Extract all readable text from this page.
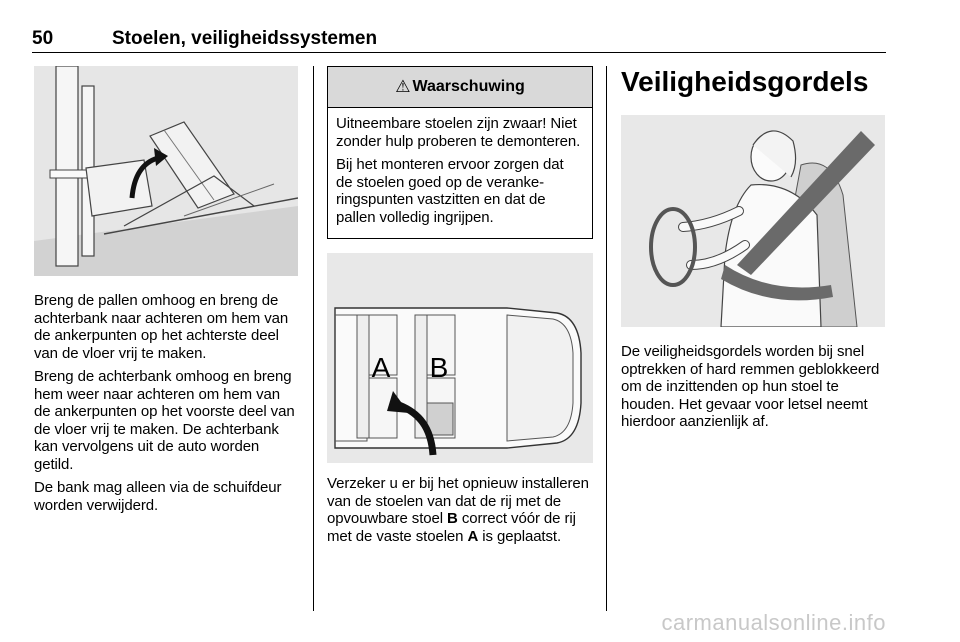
50	Stoelen, veiligheidssystemen

Breng de pallen omhoog en breng de achterbank naar achteren om hem van de ankerpunten op het achterste deel van de vloer vrij te maken.

Breng de achterbank omhoog en breng hem weer naar achteren om hem van de ankerpunten op het voorste deel van de vloer vrij te maken. De achterbank kan vervolgens uit de auto worden getild.

De bank mag alleen via de schuifdeur worden verwijderd.

⚠ Waarschuwing

Uitneembare stoelen zijn zwaar! Niet zonder hulp proberen te demonteren.

Bij het monteren ervoor zorgen dat de stoelen goed op de verankeringspunten vastzitten en dat de pallen volledig ingrijpen.

A B

Verzeker u er bij het opnieuw installeren van de stoelen van dat de rij met de opvouwbare stoel B correct vóór de rij met de vaste stoelen A is geplaatst.

Veiligheidsgordels

De veiligheidsgordels worden bij snel optrekken of hard remmen geblokkeerd om de inzittenden op hun stoel te houden. Het gevaar voor letsel neemt hierdoor aanzienlijk af.

carmanualsonline.info
